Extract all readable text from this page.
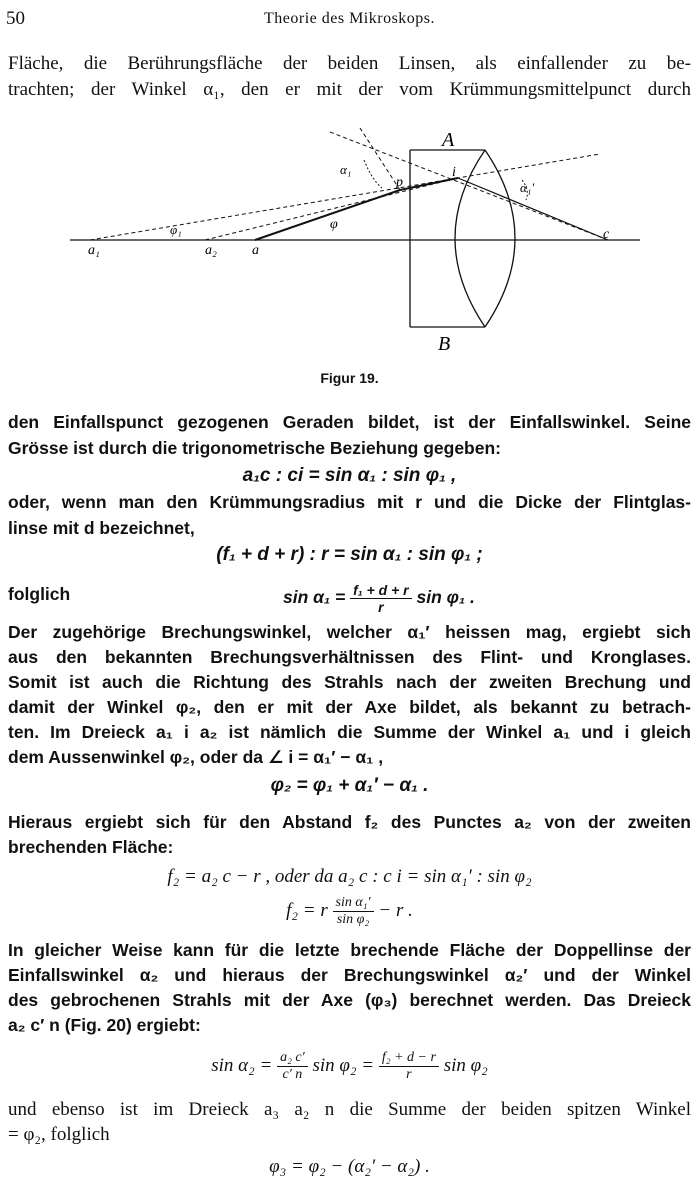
50	Theorie des Mikroskops.
Fläche, die Berührungsfläche der beiden Linsen, als einfallender zu be-
trachten; der Winkel α₁, den er mit der vom Krümmungsmittelpunct durch
A
B
a₁	a₂	a
c
i
p
φ
φ₁
α₁
α₁′
Figur 19.
den Einfallspunct gezogenen Geraden bildet, ist der Einfallswinkel. Seine
Grösse ist durch die trigonometrische Beziehung gegeben:
a₁c : ci = sin α₁ : sin φ₁ ,
oder, wenn man den Krümmungsradius mit r und die Dicke der Flintglas-
linse mit d bezeichnet,
(f₁ + d + r) : r = sin α₁ : sin φ₁ ;
folglich	$\sin \alpha_1 = \frac{\text{f₁ + d + r}}{r}$ sin φ₁ .
Der zugehörige Brechungswinkel, welcher α₁′ heissen mag, ergiebt sich
aus den bekannten Brechungsverhältnissen des Flint- und Kronglases.
Somit ist auch die Richtung des Strahls nach der zweiten Brechung und
damit der Winkel φ₂, den er mit der Axe bildet, als bekannt zu betrach-
ten. Im Dreieck a₁ i a₂ ist nämlich die Summe der Winkel a₁ und i gleich
dem Aussenwinkel φ₂, oder da ∠ i = α₁′ − α₁ ,
φ₂ = φ₁ + α₁′ − α₁ .
Hieraus ergiebt sich für den Abstand f₂ des Punctes a₂ von der zweiten
brechenden Fläche:
f₂ = a₂ c − r , oder da a₂ c : c i = sin α₁′ : sin φ₂
f₂ = r $\frac{\text{sin α₁′}}{\text{sin φ₂}} - r$ .
In gleicher Weise kann für die letzte brechende Fläche der Doppellinse der
Einfallswinkel α₂ und hieraus der Brechungswinkel α₂′ und der Winkel
des gebrochenen Strahls mit der Axe (φ₃) berechnet werden. Das Dreieck
a₂ c′ n (Fig. 20) ergiebt:
$\sin \alpha_2 = \frac{\text{a₂ c′}}{c' n}$ $\sin \varphi_2 = \frac{\text{f₂ + d − r}}{r}$ sin φ₂
und ebenso ist im Dreieck a₃ a₂ n die Summe der beiden spitzen Winkel
= φ₂, folglich
φ₃ = φ₂ − (α₂′ − α₂) .
